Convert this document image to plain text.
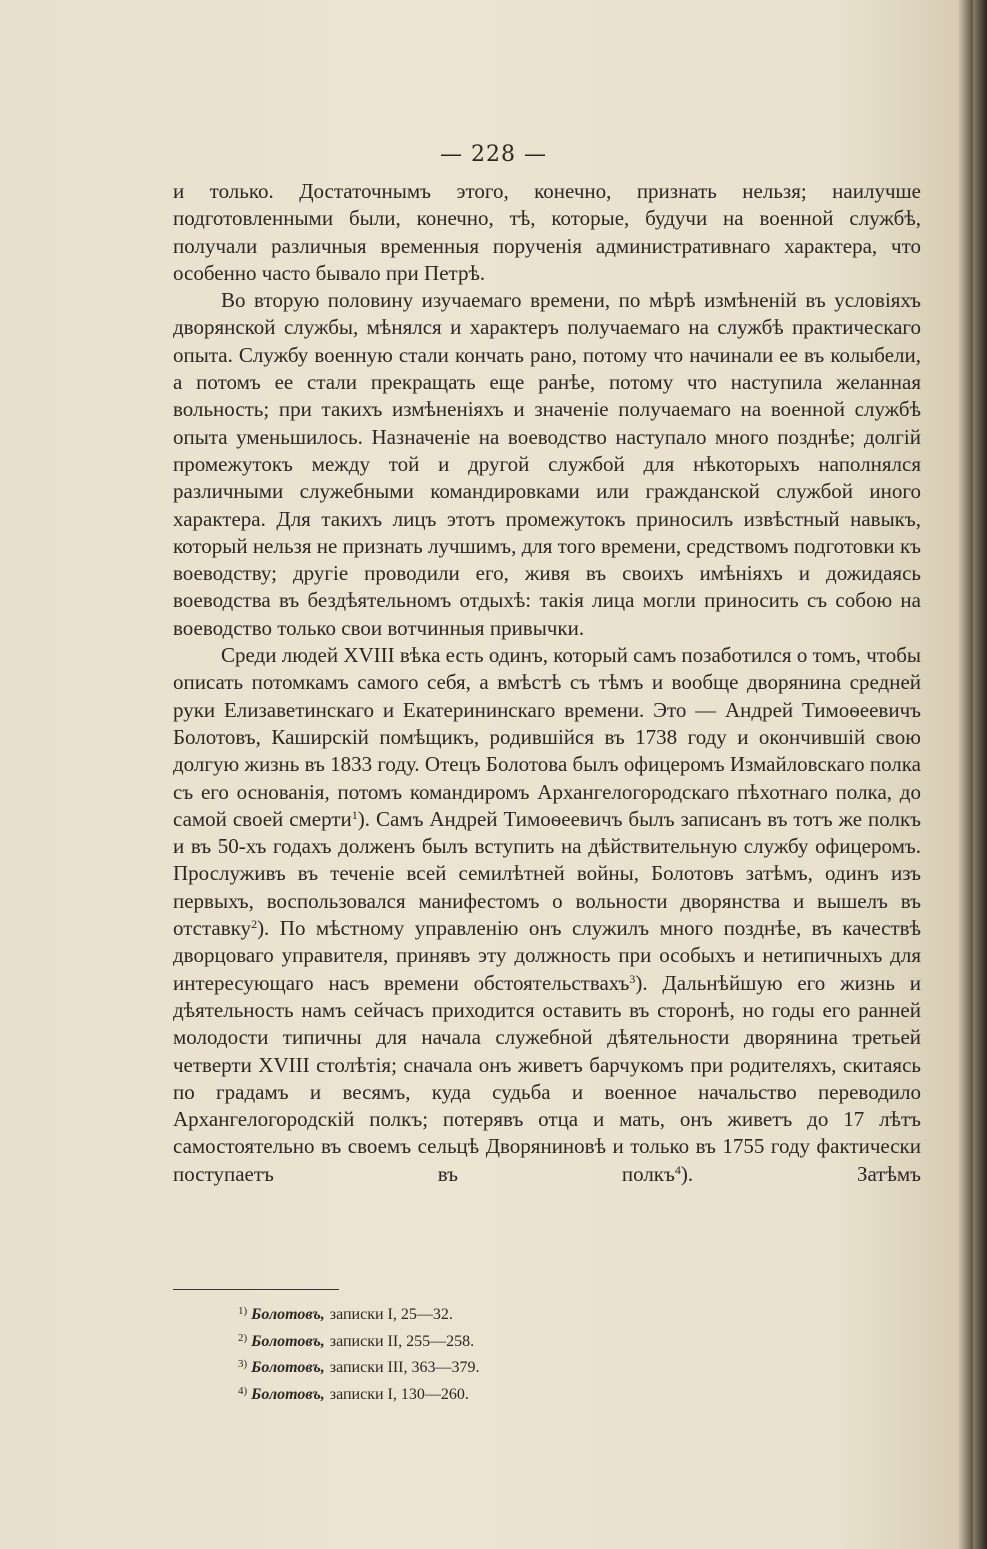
— 228 —

и только. Достаточнымъ этого, конечно, признать нельзя; наилучше подготовленными были, конечно, тѣ, которые, будучи на военной службѣ, получали различныя временныя порученія административнаго характера, что особенно часто бывало при Петрѣ.

Во вторую половину изучаемаго времени, по мѣрѣ измѣненій въ условіяхъ дворянской службы, мѣнялся и характеръ получаемаго на службѣ практическаго опыта. Службу военную стали кончать рано, потому что начинали ее въ колыбели, а потомъ ее стали прекращать еще ранѣе, потому что наступила желанная вольность; при такихъ измѣненіяхъ и значеніе получаемаго на военной службѣ опыта уменьшилось. Назначеніе на воеводство наступало много позднѣе; долгій промежутокъ между той и другой службой для нѣкоторыхъ наполнялся различными служебными командировками или гражданской службой иного характера. Для такихъ лицъ этотъ промежутокъ приносилъ извѣстный навыкъ, который нельзя не признать лучшимъ, для того времени, средствомъ подготовки къ воеводству; другіе проводили его, живя въ своихъ имѣніяхъ и дожидаясь воеводства въ бездѣятельномъ отдыхѣ: такія лица могли приносить съ собою на воеводство только свои вотчинныя привычки.

Среди людей XVIII вѣка есть одинъ, который самъ позаботился о томъ, чтобы описать потомкамъ самого себя, а вмѣстѣ съ тѣмъ и вообще дворянина средней руки Елизаветинскаго и Екатерининскаго времени. Это — Андрей Тимоѳеевичъ Болотовъ, Каширскій помѣщикъ, родившійся въ 1738 году и окончившій свою долгую жизнь въ 1833 году. Отецъ Болотова былъ офицеромъ Измайловскаго полка съ его основанія, потомъ командиромъ Архангелогородскаго пѣхотнаго полка, до самой своей смерти$^1$). Самъ Андрей Тимоѳеевичъ былъ записанъ въ тотъ же полкъ и въ 50-хъ годахъ долженъ былъ вступить на дѣйствительную службу офицеромъ. Прослуживъ въ теченіе всей семилѣтней войны, Болотовъ затѣмъ, одинъ изъ первыхъ, воспользовался манифестомъ о вольности дворянства и вышелъ въ отставку$^2$). По мѣстному управленію онъ служилъ много позднѣе, въ качествѣ дворцоваго управителя, принявъ эту должность при особыхъ и нетипичныхъ для интересующаго насъ времени обстоятельствахъ$^3$). Дальнѣйшую его жизнь и дѣятельность намъ сейчасъ приходится оставить въ сторонѣ, но годы его ранней молодости типичны для начала служебной дѣятельности дворянина третьей четверти XVIII столѣтія; сначала онъ живетъ барчукомъ при родителяхъ, скитаясь по градамъ и весямъ, куда судьба и военное начальство переводило Архангелогородскій полкъ; потерявъ отца и мать, онъ живетъ до 17 лѣтъ самостоятельно въ своемъ сельцѣ Дворяниновѣ и только въ 1755 году фактически поступаетъ въ полкъ$^4$). Затѣмъ

$^{1)}$ Болотовъ, записки I, 25—32.
$^{2)}$ Болотовъ, записки II, 255—258.
$^{3)}$ Болотовъ, записки III, 363—379.
$^{4)}$ Болотовъ, записки I, 130—260.
